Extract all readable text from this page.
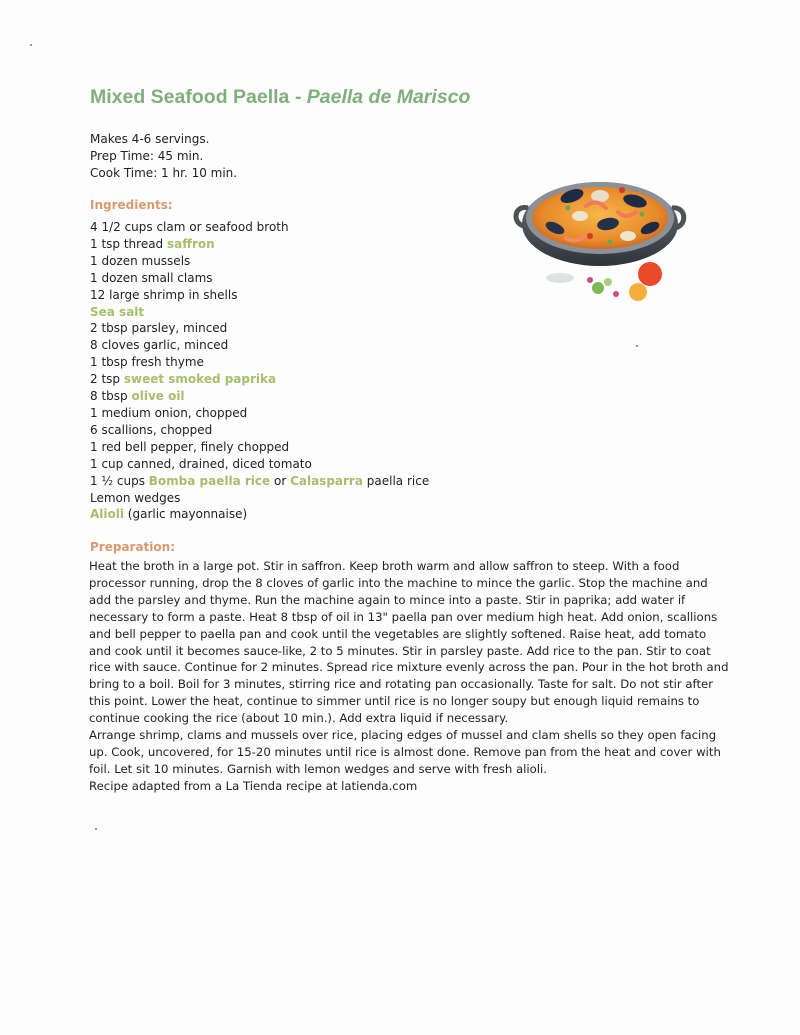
Mixed Seafood Paella - Paella de Marisco
Makes 4-6 servings.
Prep Time: 45 min.
Cook Time: 1 hr. 10 min.
Ingredients:
4 1/2 cups clam or seafood broth
1 tsp thread saffron
1 dozen mussels
1 dozen small clams
12 large shrimp in shells
Sea salt
2 tbsp parsley, minced
8 cloves garlic, minced
1 tbsp fresh thyme
2 tsp sweet smoked paprika
8 tbsp olive oil
1 medium onion, chopped
6 scallions, chopped
1 red bell pepper, finely chopped
1 cup canned, drained, diced tomato
1 ½ cups Bomba paella rice or Calasparra paella rice
Lemon wedges
Alioli (garlic mayonnaise)
Preparation:

Heat the broth in a large pot. Stir in saffron. Keep broth warm and allow saffron to steep. With a food processor running, drop the 8 cloves of garlic into the machine to mince the garlic. Stop the machine and add the parsley and thyme. Run the machine again to mince into a paste. Stir in paprika; add water if necessary to form a paste. Heat 8 tbsp of oil in 13" paella pan over medium high heat. Add onion, scallions and bell pepper to paella pan and cook until the vegetables are slightly softened. Raise heat, add tomato and cook until it becomes sauce-like, 2 to 5 minutes. Stir in parsley paste. Add rice to the pan. Stir to coat rice with sauce. Continue for 2 minutes. Spread rice mixture evenly across the pan. Pour in the hot broth and bring to a boil. Boil for 3 minutes, stirring rice and rotating pan occasionally. Taste for salt. Do not stir after this point. Lower the heat, continue to simmer until rice is no longer soupy but enough liquid remains to continue cooking the rice (about 10 min.). Add extra liquid if necessary.

Arrange shrimp, clams and mussels over rice, placing edges of mussel and clam shells so they open facing up. Cook, uncovered, for 15-20 minutes until rice is almost done. Remove pan from the heat and cover with foil. Let sit 10 minutes. Garnish with lemon wedges and serve with fresh alioli.

Recipe adapted from a La Tienda recipe at latienda.com
